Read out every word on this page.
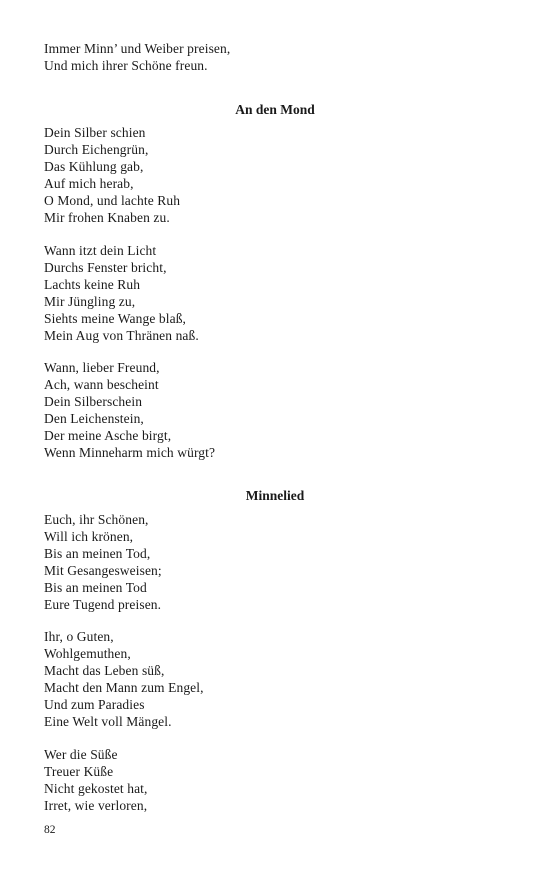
Immer Minn’ und Weiber preisen,
Und mich ihrer Schöne freun.
An den Mond
Dein Silber schien
Durch Eichengrün,
Das Kühlung gab,
Auf mich herab,
O Mond, und lachte Ruh
Mir frohen Knaben zu.
Wann itzt dein Licht
Durchs Fenster bricht,
Lachts keine Ruh
Mir Jüngling zu,
Siehts meine Wange blaß,
Mein Aug von Thränen naß.
Wann, lieber Freund,
Ach, wann bescheint
Dein Silberschein
Den Leichenstein,
Der meine Asche birgt,
Wenn Minneharm mich würgt?
Minnelied
Euch, ihr Schönen,
Will ich krönen,
Bis an meinen Tod,
Mit Gesangesweisen;
Bis an meinen Tod
Eure Tugend preisen.
Ihr, o Guten,
Wohlgemuthen,
Macht das Leben süß,
Macht den Mann zum Engel,
Und zum Paradies
Eine Welt voll Mängel.
Wer die Süße
Treuer Küße
Nicht gekostet hat,
Irret, wie verloren,
82
